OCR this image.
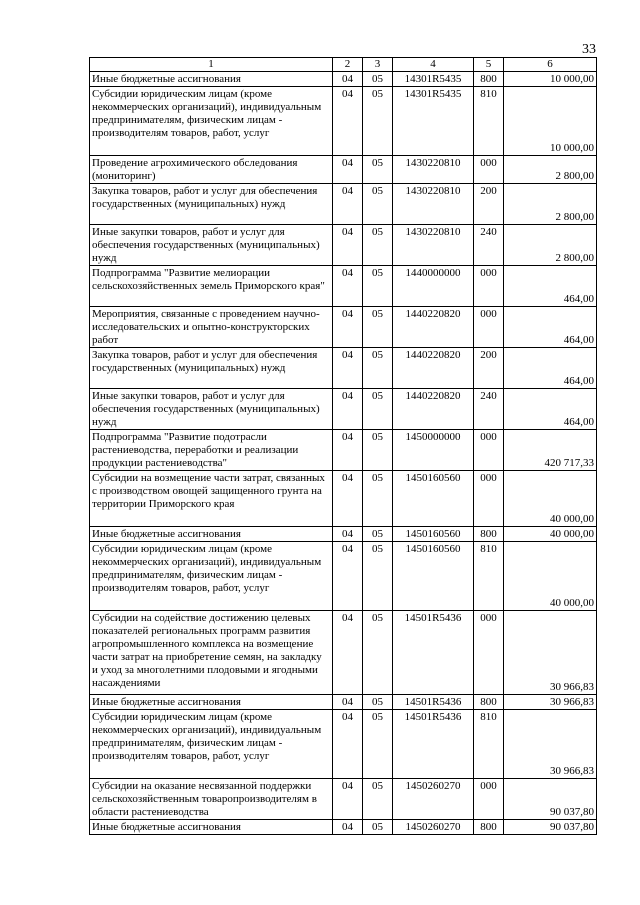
33
1	2	3	4	5	6
Иные бюджетные ассигнования	04	05	14301R5435	800	10 000,00
Субсидии юридическим лицам (кроме некоммерческих организаций), индивидуальным предпринимателям, физическим лицам - производителям товаров, работ, услуг	04	05	14301R5435	810	10 000,00
Проведение агрохимического обследования (мониторинг)	04	05	1430220810	000	2 800,00
Закупка товаров, работ и услуг для обеспечения государственных (муниципальных) нужд	04	05	1430220810	200	2 800,00
Иные закупки товаров, работ и услуг для обеспечения государственных (муниципальных) нужд	04	05	1430220810	240	2 800,00
Подпрограмма "Развитие мелиорации сельскохозяйственных земель Приморского края"	04	05	1440000000	000	464,00
Мероприятия, связанные с проведением научно-исследовательских и опытно-конструкторских работ	04	05	1440220820	000	464,00
Закупка товаров, работ и услуг для обеспечения государственных (муниципальных) нужд	04	05	1440220820	200	464,00
Иные закупки товаров, работ и услуг для обеспечения государственных (муниципальных) нужд	04	05	1440220820	240	464,00
Подпрограмма "Развитие подотрасли растениеводства, переработки и реализации продукции растениеводства"	04	05	1450000000	000	420 717,33
Субсидии на возмещение части затрат, связанных с производством овощей защищенного грунта на территории Приморского края	04	05	1450160560	000	40 000,00
Иные бюджетные ассигнования	04	05	1450160560	800	40 000,00
Субсидии юридическим лицам (кроме некоммерческих организаций), индивидуальным предпринимателям, физическим лицам - производителям товаров, работ, услуг	04	05	1450160560	810	40 000,00
Субсидии на содействие достижению целевых показателей региональных программ развития агропромышленного комплекса на возмещение части затрат на приобретение семян, на закладку и уход за многолетними плодовыми и ягодными насаждениями	04	05	14501R5436	000	30 966,83
Иные бюджетные ассигнования	04	05	14501R5436	800	30 966,83
Субсидии юридическим лицам (кроме некоммерческих организаций), индивидуальным предпринимателям, физическим лицам - производителям товаров, работ, услуг	04	05	14501R5436	810	30 966,83
Субсидии на оказание несвязанной поддержки сельскохозяйственным товаропроизводителям в области растениеводства	04	05	1450260270	000	90 037,80
Иные бюджетные ассигнования	04	05	1450260270	800	90 037,80
